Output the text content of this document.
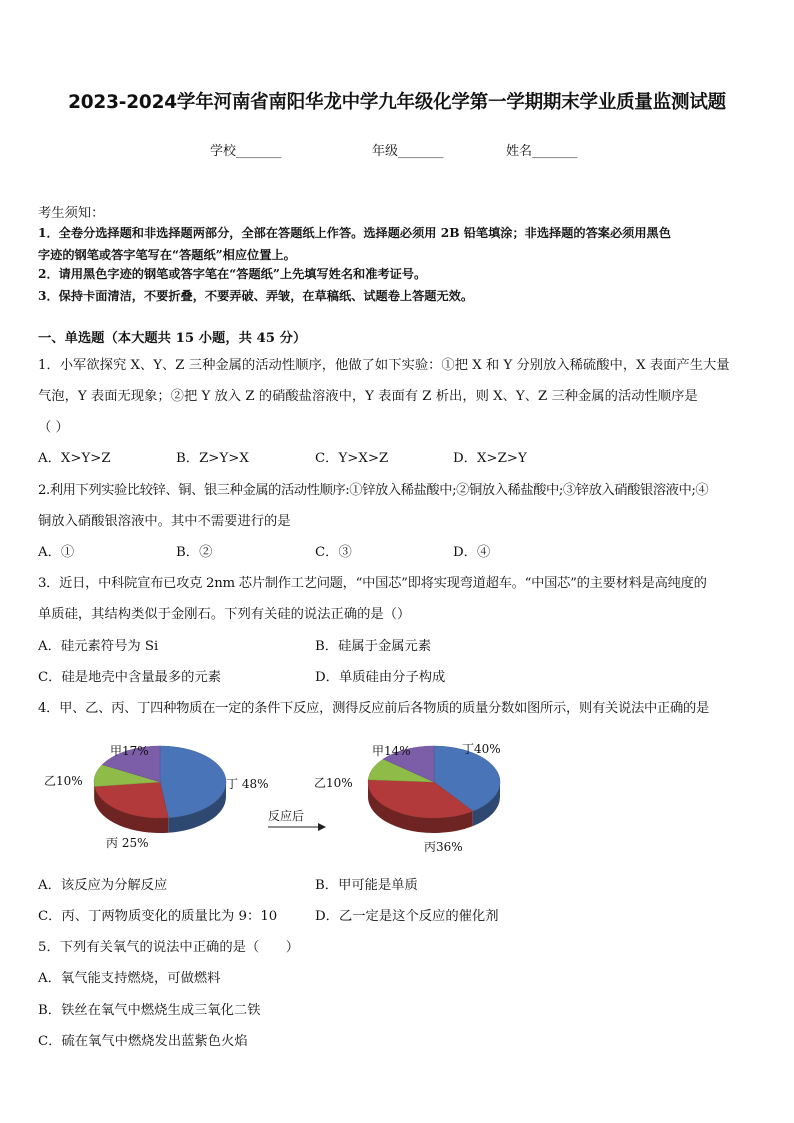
2023-2024学年河南省南阳华龙中学九年级化学第一学期期末学业质量监测试题
学校_______	年级_______	姓名_______
考生须知：
1．全卷分选择题和非选择题两部分，全部在答题纸上作答。选择题必须用 2B 铅笔填涂；非选择题的答案必须用黑色
字迹的钢笔或答字笔写在“答题纸”相应位置上。
2．请用黑色字迹的钢笔或答字笔在“答题纸”上先填写姓名和准考证号。
3．保持卡面清洁，不要折叠，不要弄破、弄皱，在草稿纸、试题卷上答题无效。
一、单选题（本大题共 15 小题，共 45 分）
1．小军欲探究 X、Y、Z 三种金属的活动性顺序，他做了如下实验：①把 X 和 Y 分别放入稀硫酸中，X 表面产生大量
气泡，Y 表面无现象；②把 Y 放入 Z 的硝酸盐溶液中，Y 表面有 Z 析出，则 X、Y、Z 三种金属的活动性顺序是
（ ）
A．X>Y>Z	B．Z>Y>X	C．Y>X>Z	D．X>Z>Y
2.利用下列实验比较锌、铜、银三种金属的活动性顺序:①锌放入稀盐酸中;②铜放入稀盐酸中;③锌放入硝酸银溶液中;④
铜放入硝酸银溶液中。其中不需要进行的是
A．①	B．②	C．③	D．④
3．近日，中科院宣布已攻克 2nm 芯片制作工艺问题，“中国芯”即将实现弯道超车。“中国芯”的主要材料是高纯度的
单质硅，其结构类似于金刚石。下列有关硅的说法正确的是（）
A．硅元素符号为 Si	B．硅属于金属元素
C．硅是地壳中含量最多的元素	D．单质硅由分子构成
4．甲、乙、丙、丁四种物质在一定的条件下反应，测得反应前后各物质的质量分数如图所示，则有关说法中正确的是
甲17%
乙10%
丙 25%
丁 48%
甲14%
乙10%
丙36%
丁40%
反应后
A．该反应为分解反应	B．甲可能是单质
C．丙、丁两物质变化的质量比为 9：10	D．乙一定是这个反应的催化剂
5．下列有关氧气的说法中正确的是（　　）
A．氧气能支持燃烧，可做燃料
B．铁丝在氧气中燃烧生成三氧化二铁
C．硫在氧气中燃烧发出蓝紫色火焰
